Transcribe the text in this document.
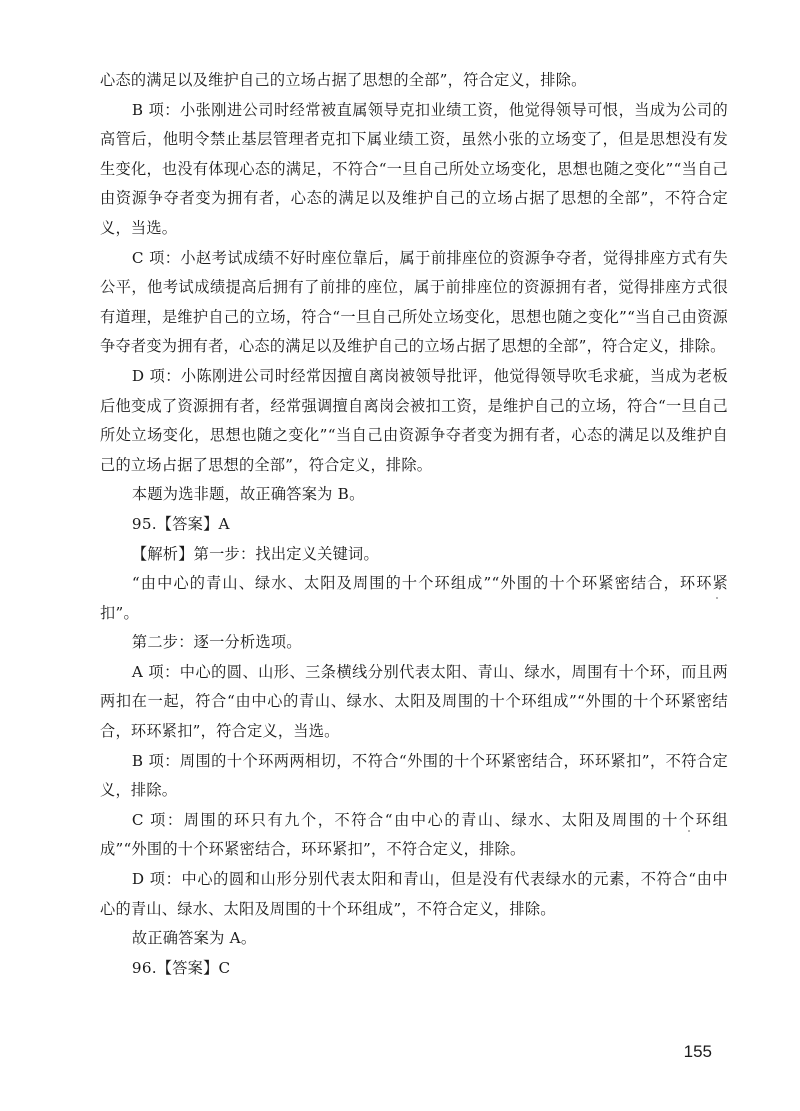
心态的满足以及维护自己的立场占据了思想的全部”，符合定义，排除。

B 项：小张刚进公司时经常被直属领导克扣业绩工资，他觉得领导可恨，当成为公司的高管后，他明令禁止基层管理者克扣下属业绩工资，虽然小张的立场变了，但是思想没有发生变化，也没有体现心态的满足，不符合“一旦自己所处立场变化，思想也随之变化”“当自己由资源争夺者变为拥有者，心态的满足以及维护自己的立场占据了思想的全部”，不符合定义，当选。

C 项：小赵考试成绩不好时座位靠后，属于前排座位的资源争夺者，觉得排座方式有失公平，他考试成绩提高后拥有了前排的座位，属于前排座位的资源拥有者，觉得排座方式很有道理，是维护自己的立场，符合“一旦自己所处立场变化，思想也随之变化”“当自己由资源争夺者变为拥有者，心态的满足以及维护自己的立场占据了思想的全部”，符合定义，排除。

D 项：小陈刚进公司时经常因擅自离岗被领导批评，他觉得领导吹毛求疵，当成为老板后他变成了资源拥有者，经常强调擅自离岗会被扣工资，是维护自己的立场，符合“一旦自己所处立场变化，思想也随之变化”“当自己由资源争夺者变为拥有者，心态的满足以及维护自己的立场占据了思想的全部”，符合定义，排除。

本题为选非题，故正确答案为 B。

95.【答案】A

【解析】第一步：找出定义关键词。

“由中心的青山、绿水、太阳及周围的十个环组成”“外围的十个环紧密结合，环环紧扣”。

第二步：逐一分析选项。

A 项：中心的圆、山形、三条横线分别代表太阳、青山、绿水，周围有十个环，而且两两扣在一起，符合“由中心的青山、绿水、太阳及周围的十个环组成”“外围的十个环紧密结合，环环紧扣”，符合定义，当选。

B 项：周围的十个环两两相切，不符合“外围的十个环紧密结合，环环紧扣”，不符合定义，排除。

C 项：周围的环只有九个，不符合“由中心的青山、绿水、太阳及周围的十个环组成”“外围的十个环紧密结合，环环紧扣”，不符合定义，排除。

D 项：中心的圆和山形分别代表太阳和青山，但是没有代表绿水的元素，不符合“由中心的青山、绿水、太阳及周围的十个环组成”，不符合定义，排除。

故正确答案为 A。

96.【答案】C

155
